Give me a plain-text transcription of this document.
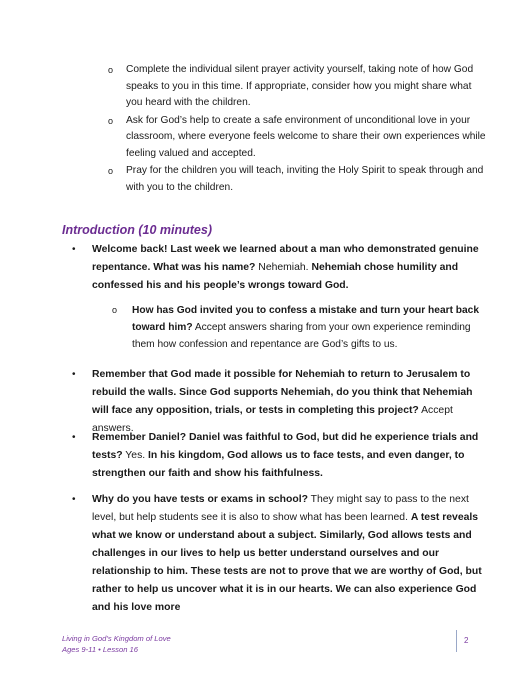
o Complete the individual silent prayer activity yourself, taking note of how God speaks to you in this time. If appropriate, consider how you might share what you heard with the children.
o Ask for God’s help to create a safe environment of unconditional love in your classroom, where everyone feels welcome to share their own experiences while feeling valued and accepted.
o Pray for the children you will teach, inviting the Holy Spirit to speak through and with you to the children.
Introduction (10 minutes)
• Welcome back! Last week we learned about a man who demonstrated genuine repentance. What was his name? Nehemiah. Nehemiah chose humility and confessed his and his people’s wrongs toward God.
o How has God invited you to confess a mistake and turn your heart back toward him? Accept answers sharing from your own experience reminding them how confession and repentance are God’s gifts to us.
• Remember that God made it possible for Nehemiah to return to Jerusalem to rebuild the walls. Since God supports Nehemiah, do you think that Nehemiah will face any opposition, trials, or tests in completing this project? Accept answers.
• Remember Daniel? Daniel was faithful to God, but did he experience trials and tests? Yes. In his kingdom, God allows us to face tests, and even danger, to strengthen our faith and show his faithfulness.
• Why do you have tests or exams in school? They might say to pass to the next level, but help students see it is also to show what has been learned. A test reveals what we know or understand about a subject. Similarly, God allows tests and challenges in our lives to help us better understand ourselves and our relationship to him. These tests are not to prove that we are worthy of God, but rather to help us uncover what it is in our hearts. We can also experience God and his love more
Living in God’s Kingdom of Love
Ages 9-11 • Lesson 16
2
